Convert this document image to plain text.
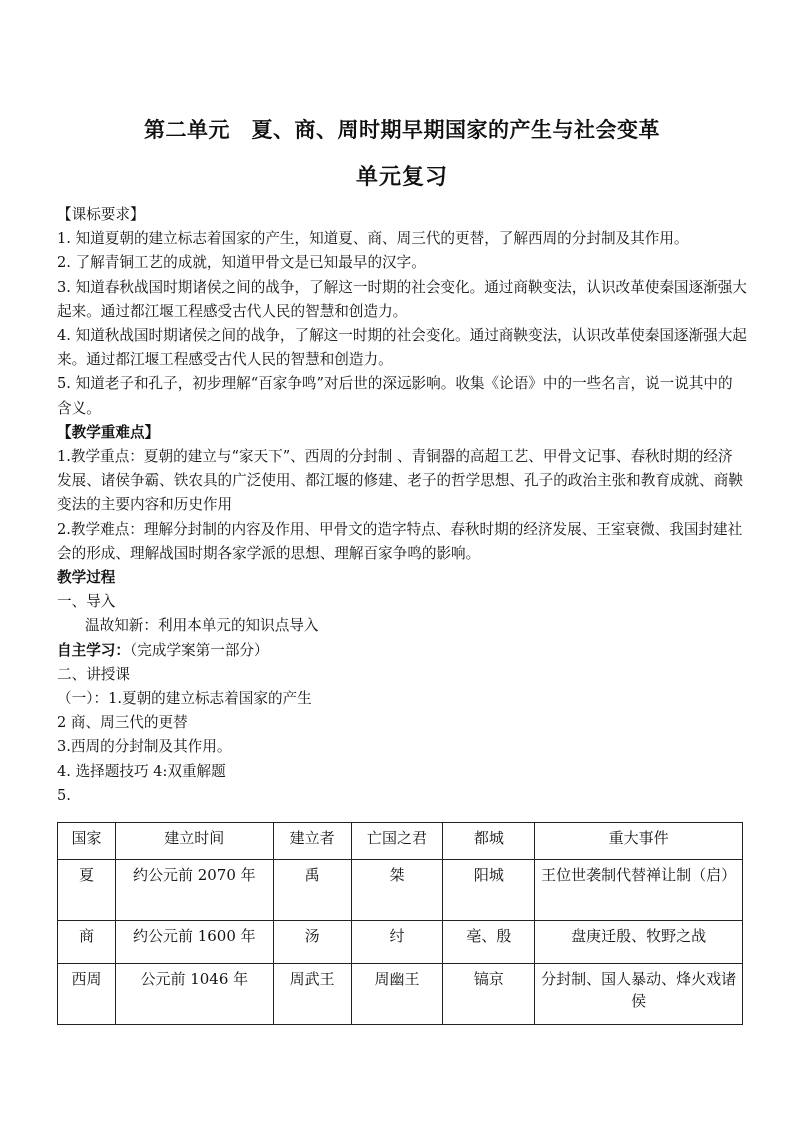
第二单元　夏、商、周时期早期国家的产生与社会变革
单元复习

【课标要求】

1. 知道夏朝的建立标志着国家的产生，知道夏、商、周三代的更替，了解西周的分封制及其作用。

2. 了解青铜工艺的成就，知道甲骨文是已知最早的汉字。

3. 知道春秋战国时期诸侯之间的战争，了解这一时期的社会变化。通过商鞅变法，认识改革使秦国逐渐强大起来。通过都江堰工程感受古代人民的智慧和创造力。

4. 知道秋战国时期诸侯之间的战争，了解这一时期的社会变化。通过商鞅变法，认识改革使秦国逐渐强大起来。通过都江堰工程感受古代人民的智慧和创造力。

5. 知道老子和孔子，初步理解“百家争鸣”对后世的深远影响。收集《论语》中的一些名言，说一说其中的含义。

【教学重难点】

1.教学重点：夏朝的建立与“家天下”、西周的分封制 、青铜器的高超工艺、甲骨文记事、春秋时期的经济发展、诸侯争霸、铁农具的广泛使用、都江堰的修建、老子的哲学思想、孔子的政治主张和教育成就、商鞅变法的主要内容和历史作用

2.教学难点：理解分封制的内容及作用、甲骨文的造字特点、春秋时期的经济发展、王室衰微、我国封建社会的形成、理解战国时期各家学派的思想、理解百家争鸣的影响。

教学过程

一、导入

温故知新：利用本单元的知识点导入

自主学习：（完成学案第一部分）

二、讲授课

（一）：1.夏朝的建立标志着国家的产生

2 商、周三代的更替

3.西周的分封制及其作用。

4. 选择题技巧 4:双重解题

5.

国家	建立时间	建立者	亡国之君	都城	重大事件
夏	约公元前 2070 年	禹	桀	阳城	王位世袭制代替禅让制（启）
商	约公元前 1600 年	汤	纣	亳、殷	盘庚迁殷、牧野之战
西周	公元前 1046 年	周武王	周幽王	镐京	分封制、国人暴动、烽火戏诸侯
